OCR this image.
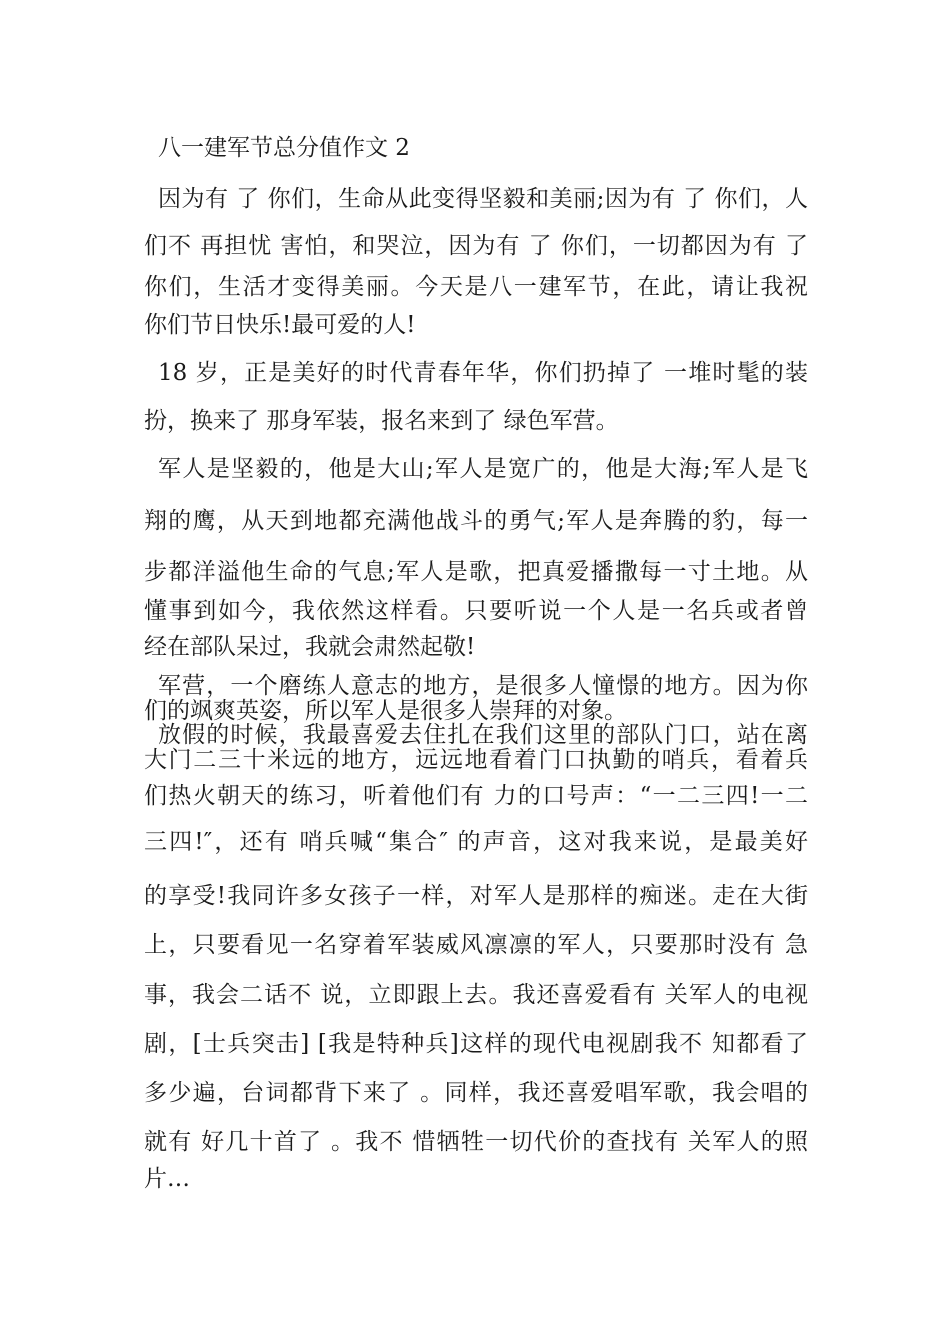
八一建军节总分值作文 2
因为有 了 你们，生命从此变得坚毅和美丽;因为有 了 你们，人
们不 再担忧 害怕，和哭泣，因为有 了 你们，一切都因为有 了
你们，生活才变得美丽。今天是八一建军节，在此，请让我祝
你们节日快乐!最可爱的人!
18 岁，正是美好的时代青春年华，你们扔掉了 一堆时髦的装
扮，换来了 那身军装，报名来到了 绿色军营。
军人是坚毅的，他是大山;军人是宽广的，他是大海;军人是飞
翔的鹰，从天到地都充满他战斗的勇气;军人是奔腾的豹，每一
步都洋溢他生命的气息;军人是歌，把真爱播撒每一寸土地。从
懂事到如今，我依然这样看。只要听说一个人是一名兵或者曾
经在部队呆过，我就会肃然起敬!
军营，一个磨练人意志的地方，是很多人憧憬的地方。因为你
们的飒爽英姿，所以军人是很多人崇拜的对象。
放假的时候，我最喜爱去住扎在我们这里的部队门口，站在离
大门二三十米远的地方，远远地看着门口执勤的哨兵，看着兵
们热火朝天的练习，听着他们有 力的口号声：“一二三四!一二
三四!″，还有 哨兵喊“集合″ 的声音，这对我来说，是最美好
的享受!我同许多女孩子一样，对军人是那样的痴迷。走在大街
上，只要看见一名穿着军装威风凛凛的军人，只要那时没有 急
事，我会二话不 说，立即跟上去。我还喜爱看有 关军人的电视
剧，[士兵突击] [我是特种兵]这样的现代电视剧我不 知都看了
多少遍，台词都背下来了 。同样，我还喜爱唱军歌，我会唱的
就有 好几十首了 。我不 惜牺牲一切代价的查找有 关军人的照
片…
